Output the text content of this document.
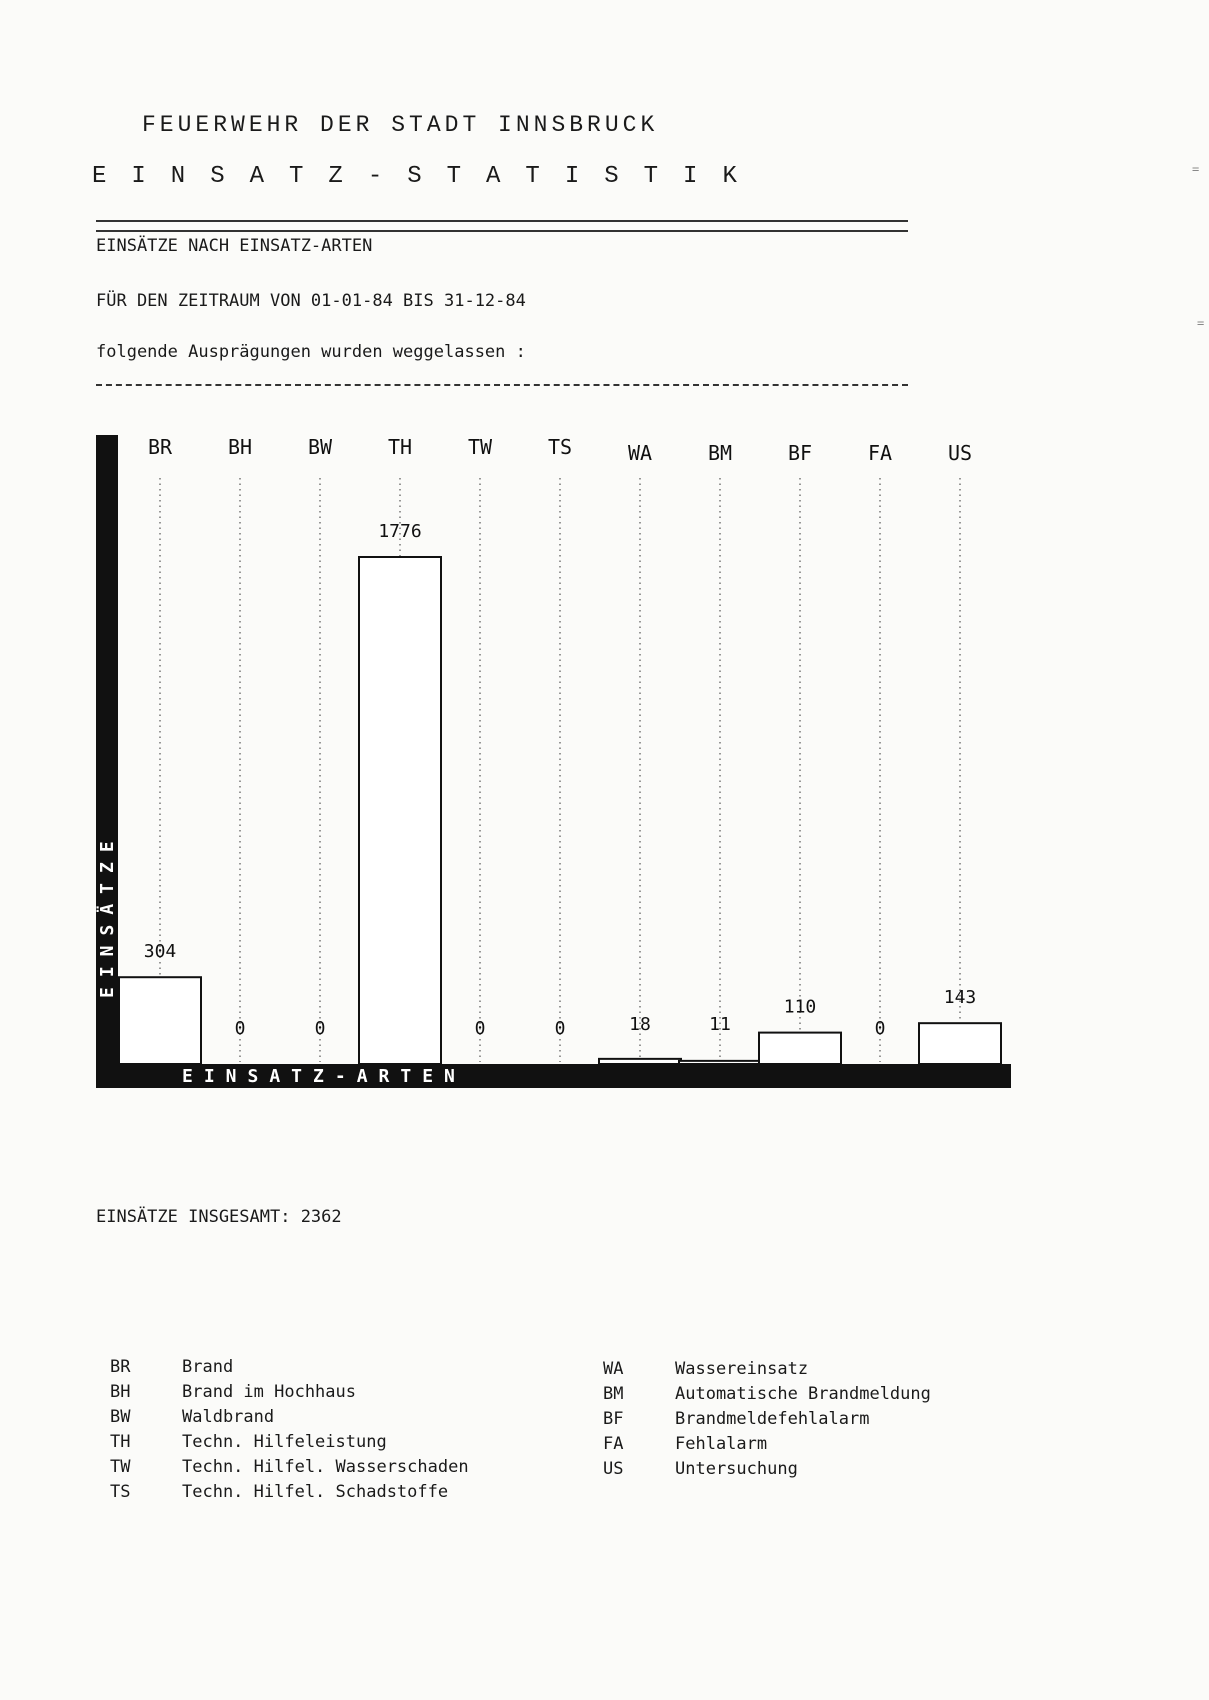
FEUERWEHR DER STADT INNSBRUCK
EINSATZ-STATISTIK
EINSÄTZE NACH EINSATZ-ARTEN
FÜR DEN ZEITRAUM VON 01-01-84 BIS 31-12-84
folgende Ausprägungen wurden weggelassen :
=
=
EINSÄTZE
EINSATZ-ARTEN
BR	BH	BW	TH	TW	TS	WA	BM	BF	FA	US
304
0	0
1776
0	0	18	11
110
0
143
EINSÄTZE INSGESAMT: 2362
BR	Brand
BH	Brand im Hochhaus
BW	Waldbrand
TH	Techn. Hilfeleistung
TW	Techn. Hilfel. Wasserschaden
TS	Techn. Hilfel. Schadstoffe
WA	Wassereinsatz
BM	Automatische Brandmeldung
BF	Brandmeldefehlalarm
FA	Fehlalarm
US	Untersuchung
